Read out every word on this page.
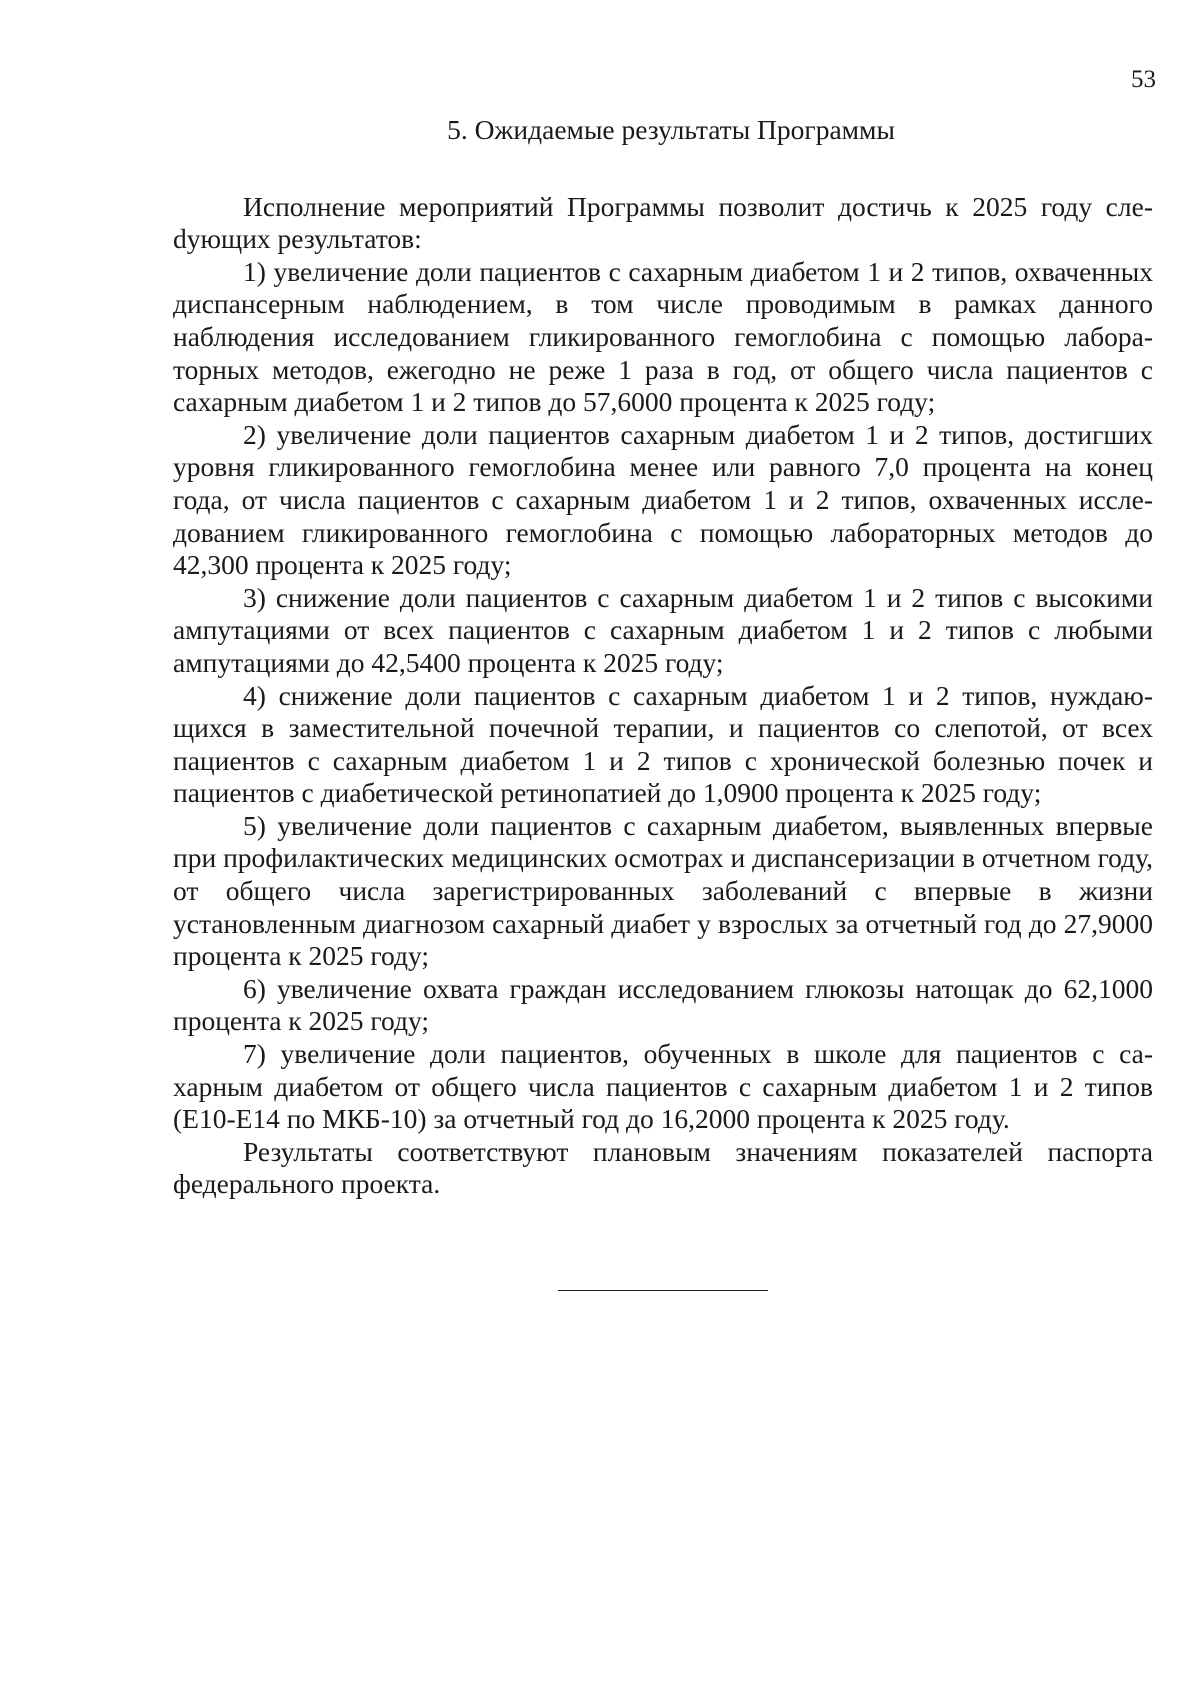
53
5. Ожидаемые результаты Программы

Исполнение мероприятий Программы позволит достичь к 2025 году слеdующих результатов:

1) увеличение доли пациентов с сахарным диабетом 1 и 2 типов, охваченных диспансерным наблюдением, в том числе проводимым в рамках данного наблюдения исследованием гликированного гемоглобина с помощью лабораторных методов, ежегодно не реже 1 раза в год, от общего числа пациентов с сахарным диабетом 1 и 2 типов до 57,6000 процента к 2025 году;

2) увеличение доли пациентов сахарным диабетом 1 и 2 типов, достигших уровня гликированного гемоглобина менее или равного 7,0 процента на конец года, от числа пациентов с сахарным диабетом 1 и 2 типов, охваченных исследованием гликированного гемоглобина с помощью лабораторных методов до 42,300 процента к 2025 году;

3) снижение доли пациентов с сахарным диабетом 1 и 2 типов с высокими ампутациями от всех пациентов с сахарным диабетом 1 и 2 типов с любыми ампутациями до 42,5400 процента к 2025 году;

4) снижение доли пациентов с сахарным диабетом 1 и 2 типов, нуждающихся в заместительной почечной терапии, и пациентов со слепотой, от всех пациентов с сахарным диабетом 1 и 2 типов с хронической болезнью почек и пациентов с диабетической ретинопатией до 1,0900 процента к 2025 году;

5) увеличение доли пациентов с сахарным диабетом, выявленных впервые при профилактических медицинских осмотрах и диспансеризации в отчетном году, от общего числа зарегистрированных заболеваний с впервые в жизни установленным диагнозом сахарный диабет у взрослых за отчетный год до 27,9000 процента к 2025 году;

6) увеличение охвата граждан исследованием глюкозы натощак до 62,1000 процента к 2025 году;

7) увеличение доли пациентов, обученных в школе для пациентов с сахарным диабетом от общего числа пациентов с сахарным диабетом 1 и 2 типов (Е10-Е14 по МКБ-10) за отчетный год до 16,2000 процента к 2025 году.

Результаты соответствуют плановым значениям показателей паспорта федерального проекта.
